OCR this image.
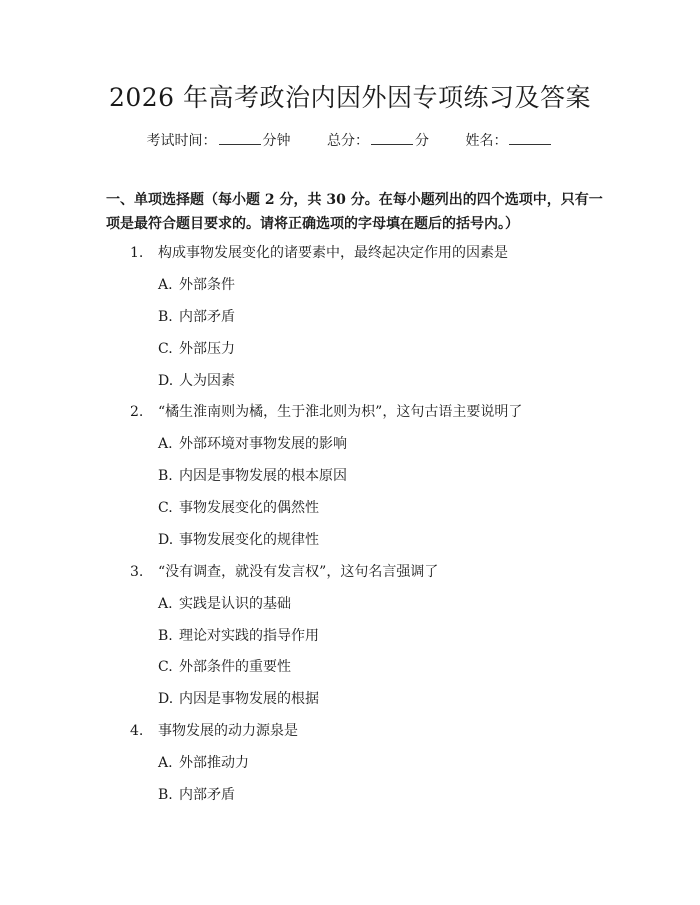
2026 年高考政治内因外因专项练习及答案
考试时间：	分钟	总分：	分	姓名：
一、单项选择题（每小题 2 分，共 30 分。在每小题列出的四个选项中，只有一项是最符合题目要求的。请将正确选项的字母填在题后的括号内。）
1. 构成事物发展变化的诸要素中，最终起决定作用的因素是
A. 外部条件
B. 内部矛盾
C. 外部压力
D. 人为因素
2. “橘生淮南则为橘，生于淮北则为枳”，这句古语主要说明了
A. 外部环境对事物发展的影响
B. 内因是事物发展的根本原因
C. 事物发展变化的偶然性
D. 事物发展变化的规律性
3. “没有调查，就没有发言权”，这句名言强调了
A. 实践是认识的基础
B. 理论对实践的指导作用
C. 外部条件的重要性
D. 内因是事物发展的根据
4. 事物发展的动力源泉是
A. 外部推动力
B. 内部矛盾
